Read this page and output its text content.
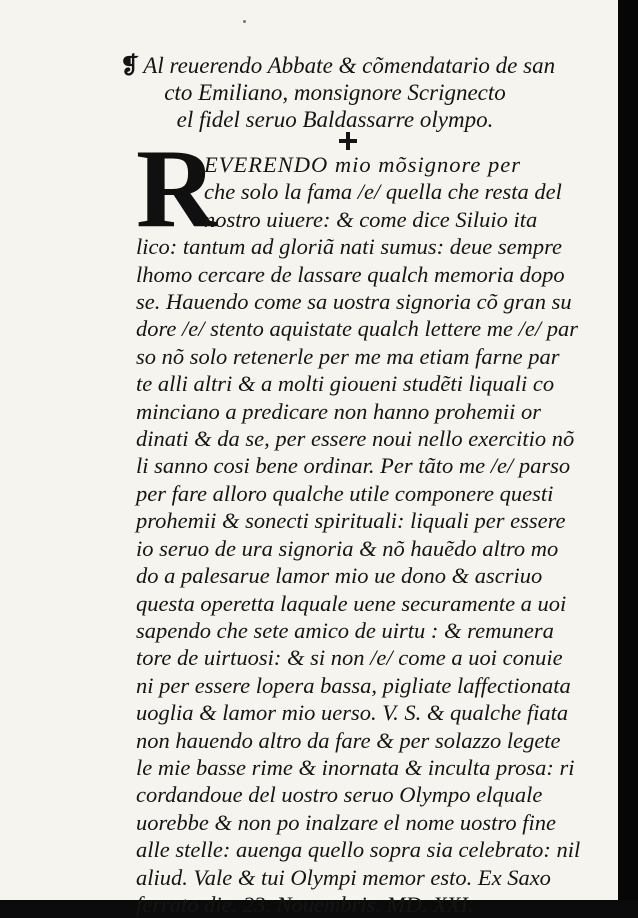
❡ Al reuerendo Abbate & cõmendatario de san
cto Emiliano, monsignore Scrignecto
el fidel seruo Baldassarre olympo.
R
EVERENDO mio mõsignore per
che solo la fama /e/ quella che resta del
nostro uiuere: & come dice Siluio ita
lico: tantum ad gloriã nati sumus: deue sempre
lhomo cercare de lassare qualch memoria dopo
se. Hauendo come sa uostra signoria cõ gran su
dore /e/ stento aquistate qualch lettere me /e/ par
so nõ solo retenerle per me ma etiam farne par
te alli altri & a molti gioueni studẽti liquali co
minciano a predicare non hanno prohemii or
dinati & da se, per essere noui nello exercitio nõ
li sanno cosi bene ordinar. Per tãto me /e/ parso
per fare alloro qualche utile componere questi
prohemii & sonecti spirituali: liquali per essere
io seruo de ura signoria & nõ hauẽdo altro mo
do a palesarue lamor mio ue dono & ascriuo
questa operetta laquale uene securamente a uoi
sapendo che sete amico de uirtu : & remunera
tore de uirtuosi: & si non /e/ come a uoi conuie
ni per essere lopera bassa, pigliate laffectionata
uoglia & lamor mio uerso. V. S. & qualche fiata
non hauendo altro da fare & per solazzo legete
le mie basse rime & inornata & inculta prosa: ri
cordandoue del uostro seruo Olympo elquale
uorebbe & non po inalzare el nome uostro fine
alle stelle: auenga quello sopra sia celebrato: nil
aliud. Vale & tui Olympi memor esto. Ex Saxo
ferrato die. 23. Nouembris. MD. XXI.
